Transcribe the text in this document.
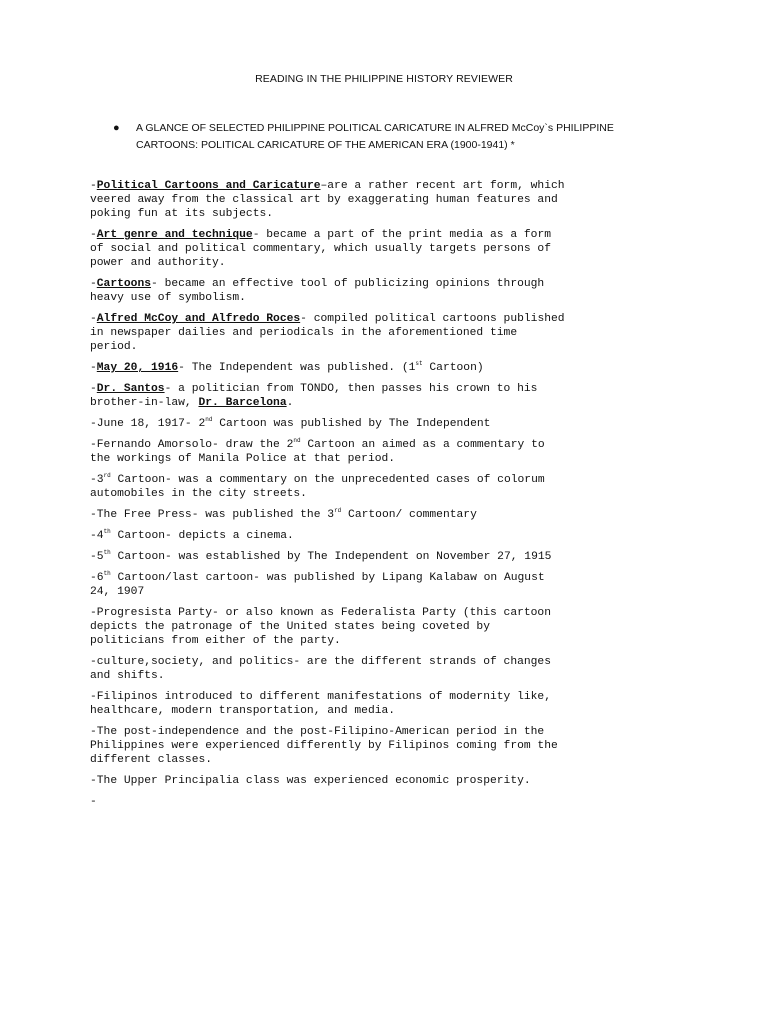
READING IN THE PHILIPPINE HISTORY REVIEWER
● A GLANCE OF SELECTED PHILIPPINE POLITICAL CARICATURE IN ALFRED McCoy`s PHILIPPINE CARTOONS: POLITICAL CARICATURE OF THE AMERICAN ERA (1900-1941) *

-Political Cartoons and Caricature–are a rather recent art form, which
veered away from the classical art by exaggerating human features and
poking fun at its subjects.

-Art genre and technique- became a part of the print media as a form
of social and political commentary, which usually targets persons of
power and authority.

-Cartoons- became an effective tool of publicizing opinions through
heavy use of symbolism.

-Alfred McCoy and Alfredo Roces- compiled political cartoons published
in newspaper dailies and periodicals in the aforementioned time
period.

-May 20, 1916- The Independent was published. (1st Cartoon)

-Dr. Santos- a politician from TONDO, then passes his crown to his
brother-in-law, Dr. Barcelona.

-June 18, 1917- 2nd Cartoon was published by The Independent

-Fernando Amorsolo- draw the 2nd Cartoon an aimed as a commentary to
the workings of Manila Police at that period.

-3rd Cartoon- was a commentary on the unprecedented cases of colorum
automobiles in the city streets.

-The Free Press- was published the 3rd Cartoon/ commentary

-4th Cartoon- depicts a cinema.

-5th Cartoon- was established by The Independent on November 27, 1915

-6th Cartoon/last cartoon- was published by Lipang Kalabaw on August
24, 1907

-Progresista Party- or also known as Federalista Party (this cartoon
depicts the patronage of the United states being coveted by
politicians from either of the party.

-culture,society, and politics- are the different strands of changes
and shifts.

-Filipinos introduced to different manifestations of modernity like,
healthcare, modern transportation, and media.

-The post-independence and the post-Filipino-American period in the
Philippines were experienced differently by Filipinos coming from the
different classes.

-The Upper Principalia class was experienced economic prosperity.

-
